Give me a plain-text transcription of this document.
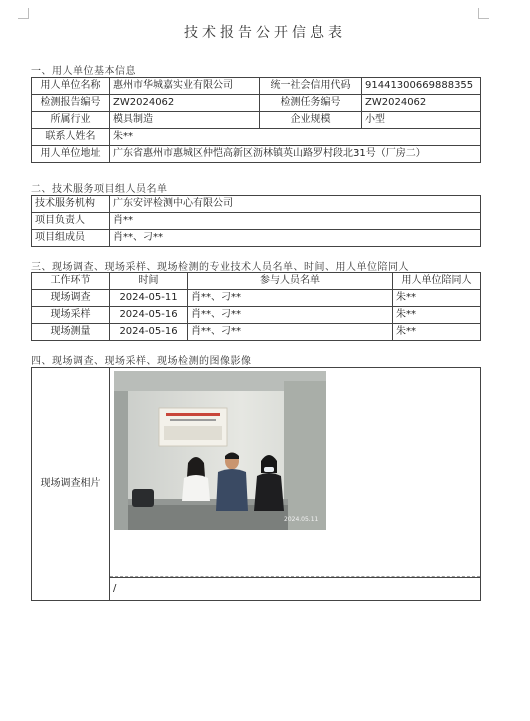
技术报告公开信息表
一、用人单位基本信息
用人单位名称	惠州市华城嘉实业有限公司	统一社会信用代码	91441300669888355
检测报告编号	ZW2024062	检测任务编号	ZW2024062
所属行业	模具制造	企业规模	小型
联系人姓名	朱**		
用人单位地址	广东省惠州市惠城区仲恺高新区沥林镇英山路罗村段北31号（厂房二）		
二、技术服务项目组人员名单
技术服务机构	广东安评检测中心有限公司
项目负责人	肖**
项目组成员	肖**、刁**
三、现场调查、现场采样、现场检测的专业技术人员名单、时间、用人单位陪同人
工作环节	时间	参与人员名单	用人单位陪同人
现场调查	2024-05-11	肖**、刁**	朱**
现场采样	2024-05-16	肖**、刁**	朱**
现场测量	2024-05-16	肖**、刁**	朱**
四、现场调查、现场采样、现场检测的图像影像
现场调查相片	
2024.05.11

/
